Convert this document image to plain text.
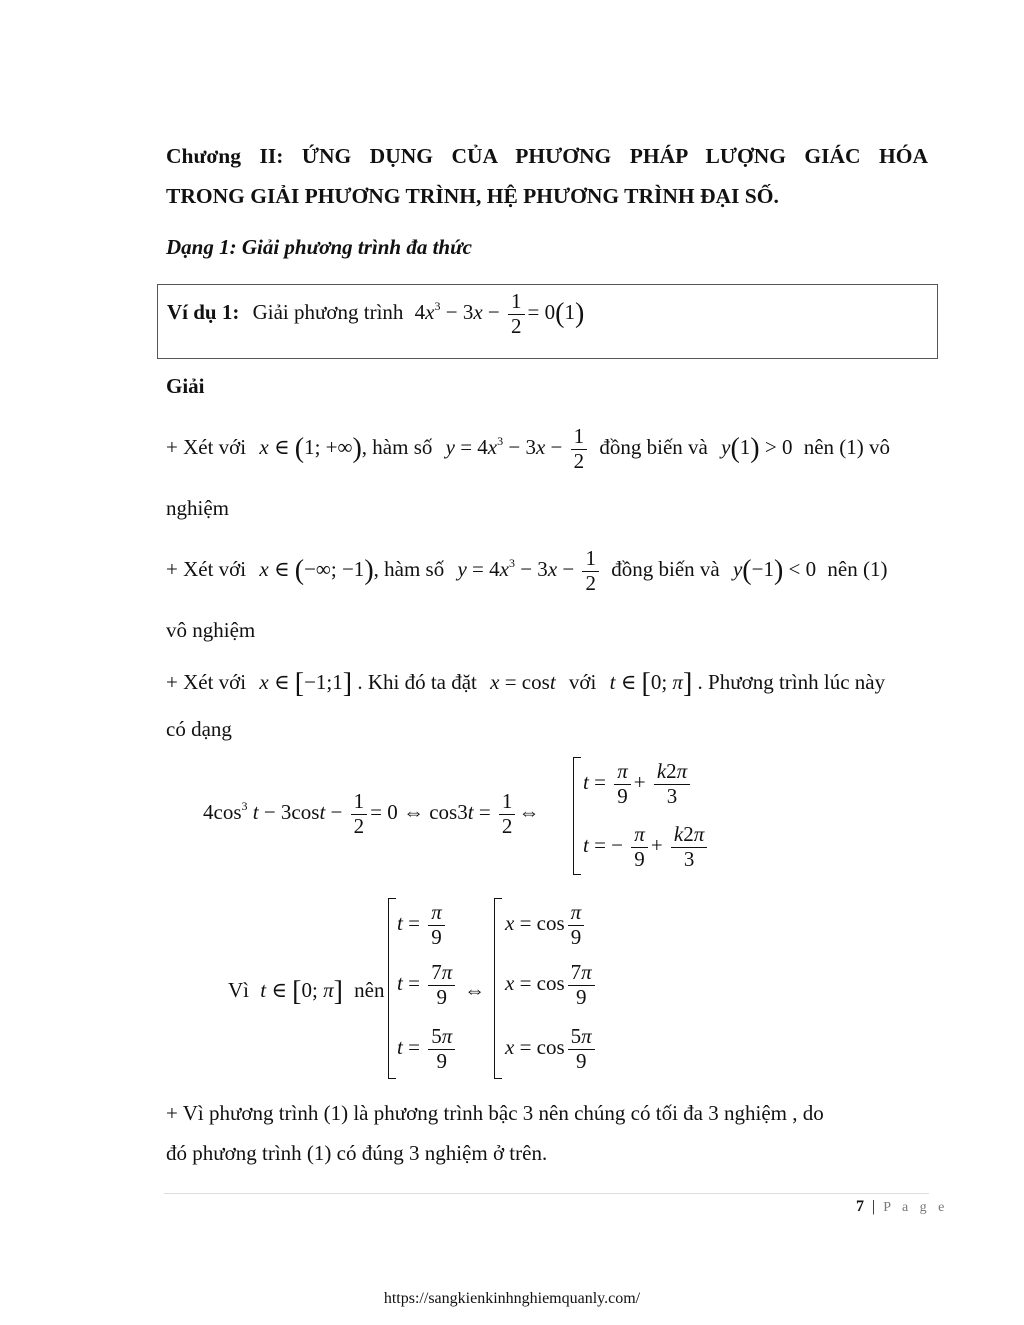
Chương II: ỨNG DỤNG CỦA PHƯƠNG PHÁP LƯỢNG GIÁC HÓA
TRONG GIẢI PHƯƠNG TRÌNH, HỆ PHƯƠNG TRÌNH ĐẠI SỐ.
Dạng 1: Giải phương trình đa thức
Ví dụ 1: Giải phương trình $4x^3 - 3x - \frac{1}{2} = 0(1)$
Giải
+ Xét với x ∈ (1; +∞), hàm số $y = 4x^3 - 3x - \frac{1}{2}$ đồng biến và y(1) > 0 nên (1) vô
nghiệm
+ Xét với x ∈ (−∞; −1), hàm số $y = 4x^3 - 3x - \frac{1}{2}$ đồng biến và y(−1) < 0 nên (1)
vô nghiệm
+ Xét với x ∈ [−1;1] . Khi đó ta đặt x = cost với t ∈ [0; π] . Phương trình lúc này
có dạng
$4\cos^3$ $t - 3\cos t - \frac{1}{2} = 0$ ⇔ $\cos 3t = \frac{1}{2}$ ⇔
$t = \frac{\pi}{9} + \frac{k2\pi}{3}$
t = − $\frac{\pi}{9} + \frac{k2\pi}{3}$
Vì t ∈ [0; π] nên
$t = \frac{\pi}{9}$
$t = \frac{7\pi}{9}$
$t = \frac{5\pi}{9}$
⇔
$x = \cos \frac{\pi}{9}$
$x = \cos \frac{7\pi}{9}$
$x = \cos \frac{5\pi}{9}$
+ Vì phương trình (1) là phương trình bậc 3 nên chúng có tối đa 3 nghiệm , do
đó phương trình (1) có đúng 3 nghiệm ở trên.
7 | P a g e
https://sangkienkinhnghiemquanly.com/
